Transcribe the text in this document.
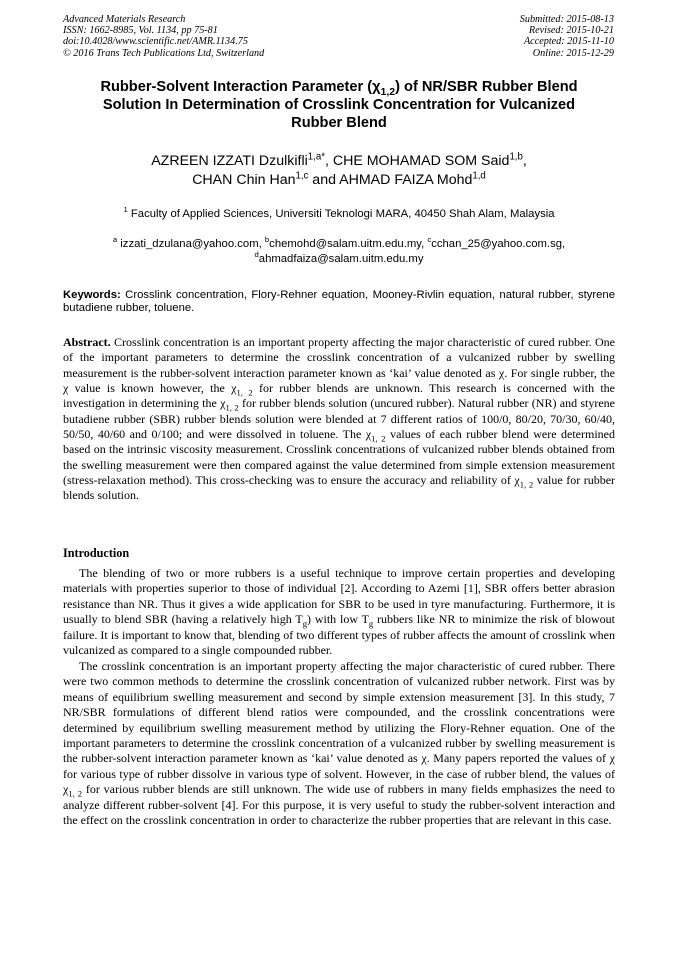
Advanced Materials Research
ISSN: 1662-8985, Vol. 1134, pp 75-81
doi:10.4028/www.scientific.net/AMR.1134.75
© 2016 Trans Tech Publications Ltd, Switzerland
Submitted: 2015-08-13
Revised: 2015-10-21
Accepted: 2015-11-10
Online: 2015-12-29
Rubber-Solvent Interaction Parameter $(\chi_{1,2})$ of NR/SBR Rubber Blend
Solution In Determination of Crosslink Concentration for Vulcanized
Rubber Blend
AZREEN IZZATI Dzulkifli$^{1,a*}$, CHE MOHAMAD SOM Said$^{1,b}$,
CHAN Chin Han$^{1,c}$ and AHMAD FAIZA Mohd$^{1,d}$
$^1$ Faculty of Applied Sciences, Universiti Teknologi MARA, 40450 Shah Alam, Malaysia
$^a$ izzati_dzulana@yahoo.com, $^b$chemohd@salam.uitm.edu.my, $^c$cchan_25@yahoo.com.sg,
$^d$ahmadfaiza@salam.uitm.edu.my
Keywords: Crosslink concentration, Flory-Rehner equation, Mooney-Rivlin equation, natural rubber, styrene butadiene rubber, toluene.

Abstract. Crosslink concentration is an important property affecting the major characteristic of cured rubber. One of the important parameters to determine the crosslink concentration of a vulcanized rubber by swelling measurement is the rubber-solvent interaction parameter known as ‘kai’ value denoted as χ. For single rubber, the χ value is known however, the $\chi_{1, 2}$ for rubber blends are unknown. This research is concerned with the investigation in determining the $\chi_{1, 2}$ for rubber blends solution (uncured rubber). Natural rubber (NR) and styrene butadiene rubber (SBR) rubber blends solution were blended at 7 different ratios of 100/0, 80/20, 70/30, 60/40, 50/50, 40/60 and 0/100; and were dissolved in toluene. The $\chi_{1, 2}$ values of each rubber blend were determined based on the intrinsic viscosity measurement. Crosslink concentrations of vulcanized rubber blends obtained from the swelling measurement were then compared against the value determined from simple extension measurement (stress-relaxation method). This cross-checking was to ensure the accuracy and reliability of $\chi_{1, 2}$ value for rubber blends solution.

Introduction

The blending of two or more rubbers is a useful technique to improve certain properties and developing materials with properties superior to those of individual [2]. According to Azemi [1], SBR offers better abrasion resistance than NR. Thus it gives a wide application for SBR to be used in tyre manufacturing. Furthermore, it is usually to blend SBR (having a relatively high $T_g$) with low $T_g$ rubbers like NR to minimize the risk of blowout failure. It is important to know that, blending of two different types of rubber affects the amount of crosslink when vulcanized as compared to a single compounded rubber.

The crosslink concentration is an important property affecting the major characteristic of cured rubber. There were two common methods to determine the crosslink concentration of vulcanized rubber network. First was by means of equilibrium swelling measurement and second by simple extension measurement [3]. In this study, 7 NR/SBR formulations of different blend ratios were compounded, and the crosslink concentrations were determined by equilibrium swelling measurement method by utilizing the Flory-Rehner equation. One of the important parameters to determine the crosslink concentration of a vulcanized rubber by swelling measurement is the rubber-solvent interaction parameter known as ‘kai’ value denoted as χ. Many papers reported the values of χ for various type of rubber dissolve in various type of solvent. However, in the case of rubber blend, the values of $\chi_{1, 2}$ for various rubber blends are still unknown. The wide use of rubbers in many fields emphasizes the need to analyze different rubber-solvent [4]. For this purpose, it is very useful to study the rubber-solvent interaction and the effect on the crosslink concentration in order to characterize the rubber properties that are relevant in this case.
